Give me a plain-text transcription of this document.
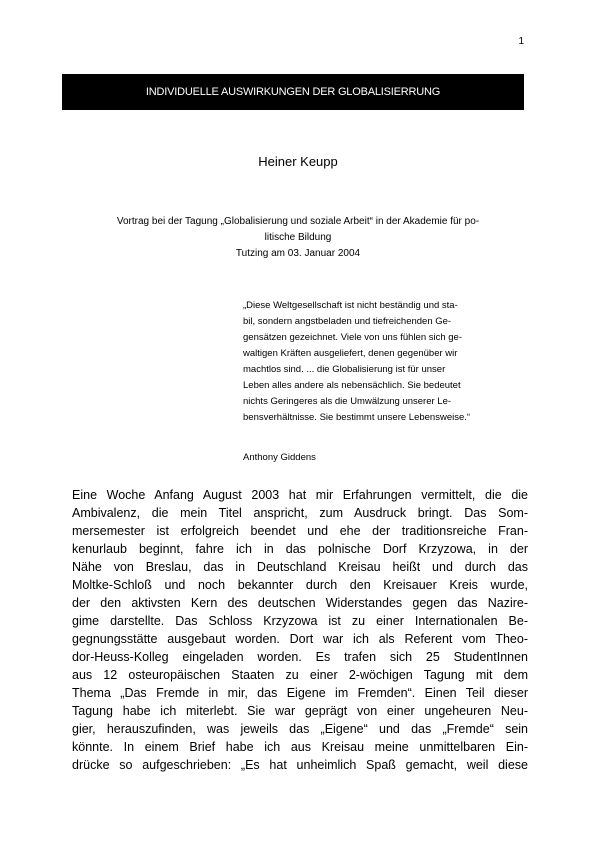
1
INDIVIDUELLE AUSWIRKUNGEN DER GLOBALISIERRUNG
Heiner Keupp
Vortrag bei der Tagung „Globalisierung und soziale Arbeit“ in der Akademie für po-
litische Bildung
Tutzing am 03. Januar 2004
„Diese Weltgesellschaft ist nicht beständig und sta-
bil, sondern angstbeladen und tiefreichenden Ge-
gensätzen gezeichnet. Viele von uns fühlen sich ge-
waltigen Kräften ausgeliefert, denen gegenüber wir
machtlos sind. ... die Globalisierung ist für unser
Leben alles andere als nebensächlich. Sie bedeutet
nichts Geringeres als die Umwälzung unserer Le-
bensverhältnisse. Sie bestimmt unsere Lebensweise.“
Anthony Giddens
Eine Woche Anfang August 2003 hat mir Erfahrungen vermittelt, die die
Ambivalenz, die mein Titel anspricht, zum Ausdruck bringt. Das Som-
mersemester ist erfolgreich beendet und ehe der traditionsreiche Fran-
kenurlaub beginnt, fahre ich in das polnische Dorf Krzyzowa, in der
Nähe von Breslau, das in Deutschland Kreisau heißt und durch das
Moltke-Schloß und noch bekannter durch den Kreisauer Kreis wurde,
der den aktivsten Kern des deutschen Widerstandes gegen das Nazire-
gime darstellte. Das Schloss Krzyzowa ist zu einer Internationalen Be-
gegnungsstätte ausgebaut worden. Dort war ich als Referent vom Theo-
dor-Heuss-Kolleg eingeladen worden. Es trafen sich 25 StudentInnen
aus 12 osteuropäischen Staaten zu einer 2-wöchigen Tagung mit dem
Thema „Das Fremde in mir, das Eigene im Fremden“. Einen Teil dieser
Tagung habe ich miterlebt. Sie war geprägt von einer ungeheuren Neu-
gier, herauszufinden, was jeweils das „Eigene“ und das „Fremde“ sein
könnte. In einem Brief habe ich aus Kreisau meine unmittelbaren Ein-
drücke so aufgeschrieben: „Es hat unheimlich Spaß gemacht, weil diese
